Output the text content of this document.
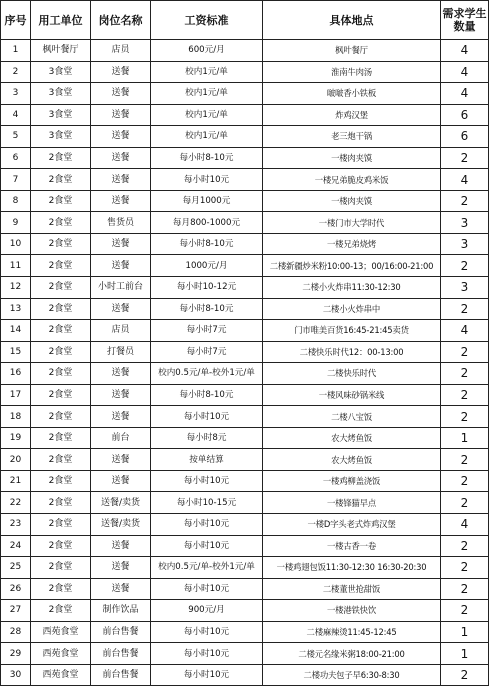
序号	用工单位	岗位名称	工资标准	具体地点	需求学生数量
1	枫叶餐厅	店员	600元/月	枫叶餐厅	4
2	3食堂	送餐	校内1元/单	淮南牛肉汤	4
3	3食堂	送餐	校内1元/单	啵啵香小铁板	4
4	3食堂	送餐	校内1元/单	炸鸡汉堡	6
5	3食堂	送餐	校内1元/单	老三炮干锅	6
6	2食堂	送餐	每小时8-10元	一楼肉夹馍	2
7	2食堂	送餐	每小时10元	一楼兄弟脆皮鸡米饭	4
8	2食堂	送餐	每月1000元	一楼肉夹馍	2
9	2食堂	售货员	每月800-1000元	一楼门市大学时代	3
10	2食堂	送餐	每小时8-10元	一楼兄弟烧烤	3
11	2食堂	送餐	1000元/月	二楼新疆炒米粉10:00-13；00/16:00-21:00	2
12	2食堂	小时工前台	每小时10-12元	二楼小火炸串11:30-12:30	3
13	2食堂	送餐	每小时8-10元	二楼小火炸串中	2
14	2食堂	店员	每小时7元	门市唯美百货16:45-21:45卖货	4
15	2食堂	打餐员	每小时7元	二楼快乐时代12：00-13:00	2
16	2食堂	送餐	校内0.5元/单-校外1元/单	二楼快乐时代	2
17	2食堂	送餐	每小时8-10元	一楼风味砂锅米线	2
18	2食堂	送餐	每小时10元	二楼八宝饭	2
19	2食堂	前台	每小时8元	农大烤鱼饭	1
20	2食堂	送餐	按单结算	农大烤鱼饭	2
21	2食堂	送餐	每小时10元	一楼鸡柳盖浇饭	2
22	2食堂	送餐/卖货	每小时10-15元	一楼锋猫早点	2
23	2食堂	送餐/卖货	每小时10元	一楼D字头老式炸鸡汉堡	4
24	2食堂	送餐	每小时10元	一楼古香一卷	2
25	2食堂	送餐	校内0.5元/单-校外1元/单	一楼鸡翅包饭11:30-12:30 16:30-20:30	2
26	2食堂	送餐	每小时10元	二楼董世抢甜饭	2
27	2食堂	制作饮品	900元/月	一楼港铁快饮	2
28	西苑食堂	前台售餐	每小时10元	二楼麻辣烫11:45-12:45	1
29	西苑食堂	前台售餐	每小时10元	二楼元名缘米粥18:00-21:00	1
30	西苑食堂	前台售餐	每小时10元	二楼功夫包子早6:30-8:30	2
